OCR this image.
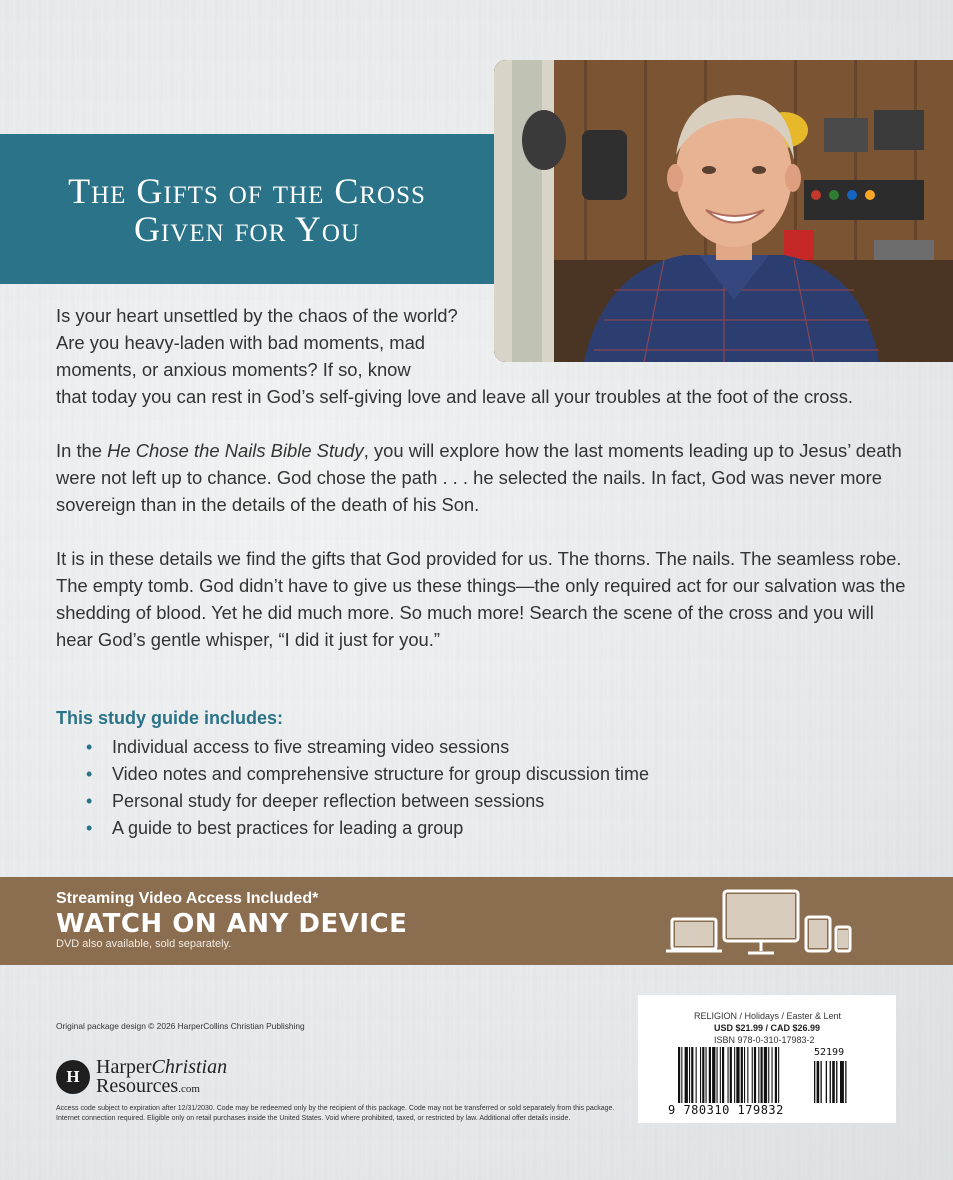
The Gifts of the Cross
Given for You

Is your heart unsettled by the chaos of the world? Are you heavy-laden with bad moments, mad moments, or anxious moments? If so, know
that today you can rest in God’s self-giving love and leave all your troubles at the foot of the cross.

In the He Chose the Nails Bible Study, you will explore how the last moments leading up to Jesus’ death were not left up to chance. God chose the path . . . he selected the nails. In fact, God was never more sovereign than in the details of the death of his Son.

It is in these details we find the gifts that God provided for us. The thorns. The nails. The seamless robe. The empty tomb. God didn’t have to give us these things—the only required act for our salvation was the shedding of blood. Yet he did much more. So much more! Search the scene of the cross and you will hear God’s gentle whisper, “I did it just for you.”

This study guide includes:
• Individual access to five streaming video sessions
• Video notes and comprehensive structure for group discussion time
• Personal study for deeper reflection between sessions
• A guide to best practices for leading a group
Streaming Video Access Included*
WATCH ON ANY DEVICE
DVD also available, sold separately.
Original package design © 2026 HarperCollins Christian Publishing
H HarperChristian
Resources.com
Access code subject to expiration after 12/31/2030. Code may be redeemed only by the recipient of this package. Code may not be transferred or sold separately from this package. Internet connection required. Eligible only on retail purchases inside the United States. Void where prohibited, taxed, or restricted by law. Additional offer details inside.
RELIGION / Holidays / Easter & Lent
USD $21.99 / CAD $26.99
ISBN 978-0-310-17983-2
52199
9 780310 179832
